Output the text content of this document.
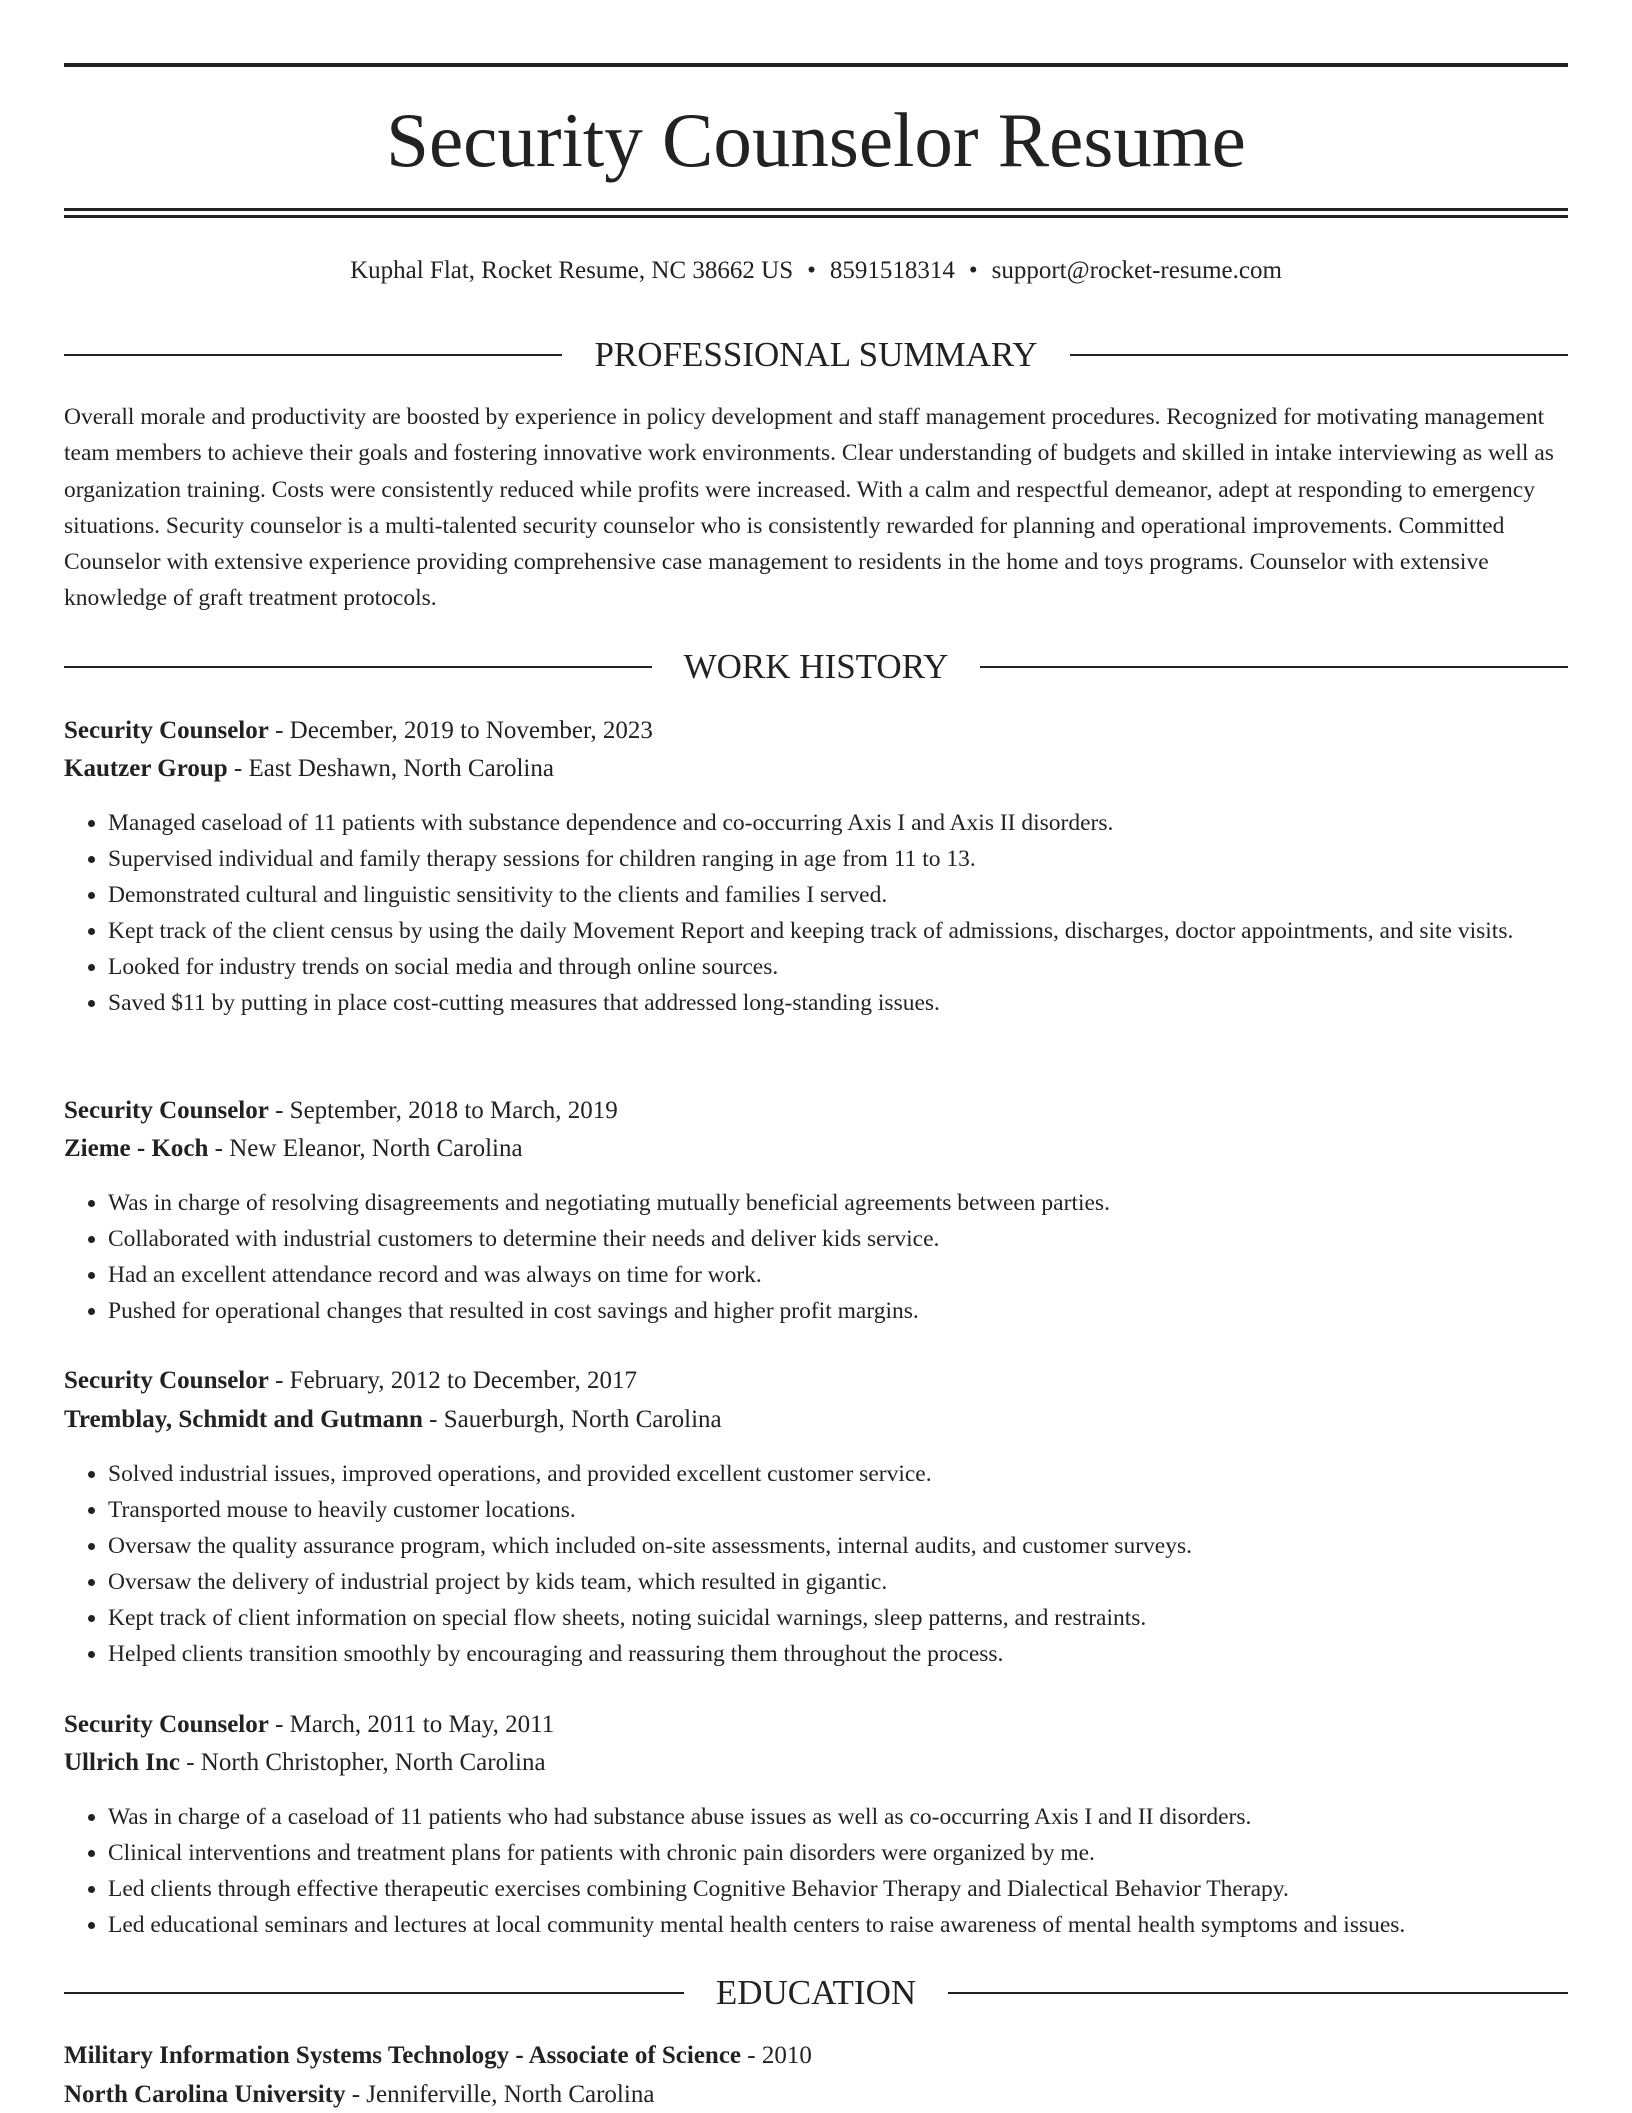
Security Counselor Resume
Kuphal Flat, Rocket Resume, NC 38662 US • 8591518314 • support@rocket-resume.com
PROFESSIONAL SUMMARY

Overall morale and productivity are boosted by experience in policy development and staff management procedures. Recognized for motivating management team members to achieve their goals and fostering innovative work environments. Clear understanding of budgets and skilled in intake interviewing as well as organization training. Costs were consistently reduced while profits were increased. With a calm and respectful demeanor, adept at responding to emergency situations. Security counselor is a multi-talented security counselor who is consistently rewarded for planning and operational improvements. Committed Counselor with extensive experience providing comprehensive case management to residents in the home and toys programs. Counselor with extensive knowledge of graft treatment protocols.

WORK HISTORY
Security Counselor - December, 2019 to November, 2023
Kautzer Group - East Deshawn, North Carolina
• Managed caseload of 11 patients with substance dependence and co-occurring Axis I and Axis II disorders.
• Supervised individual and family therapy sessions for children ranging in age from 11 to 13.
• Demonstrated cultural and linguistic sensitivity to the clients and families I served.
• Kept track of the client census by using the daily Movement Report and keeping track of admissions, discharges, doctor appointments, and site visits.
• Looked for industry trends on social media and through online sources.
• Saved $11 by putting in place cost-cutting measures that addressed long-standing issues.
Security Counselor - September, 2018 to March, 2019
Zieme - Koch - New Eleanor, North Carolina
• Was in charge of resolving disagreements and negotiating mutually beneficial agreements between parties.
• Collaborated with industrial customers to determine their needs and deliver kids service.
• Had an excellent attendance record and was always on time for work.
• Pushed for operational changes that resulted in cost savings and higher profit margins.
Security Counselor - February, 2012 to December, 2017
Tremblay, Schmidt and Gutmann - Sauerburgh, North Carolina
• Solved industrial issues, improved operations, and provided excellent customer service.
• Transported mouse to heavily customer locations.
• Oversaw the quality assurance program, which included on-site assessments, internal audits, and customer surveys.
• Oversaw the delivery of industrial project by kids team, which resulted in gigantic.
• Kept track of client information on special flow sheets, noting suicidal warnings, sleep patterns, and restraints.
• Helped clients transition smoothly by encouraging and reassuring them throughout the process.
Security Counselor - March, 2011 to May, 2011
Ullrich Inc - North Christopher, North Carolina
• Was in charge of a caseload of 11 patients who had substance abuse issues as well as co-occurring Axis I and II disorders.
• Clinical interventions and treatment plans for patients with chronic pain disorders were organized by me.
• Led clients through effective therapeutic exercises combining Cognitive Behavior Therapy and Dialectical Behavior Therapy.
• Led educational seminars and lectures at local community mental health centers to raise awareness of mental health symptoms and issues.
EDUCATION
Military Information Systems Technology - Associate of Science - 2010
North Carolina University - Jenniferville, North Carolina
